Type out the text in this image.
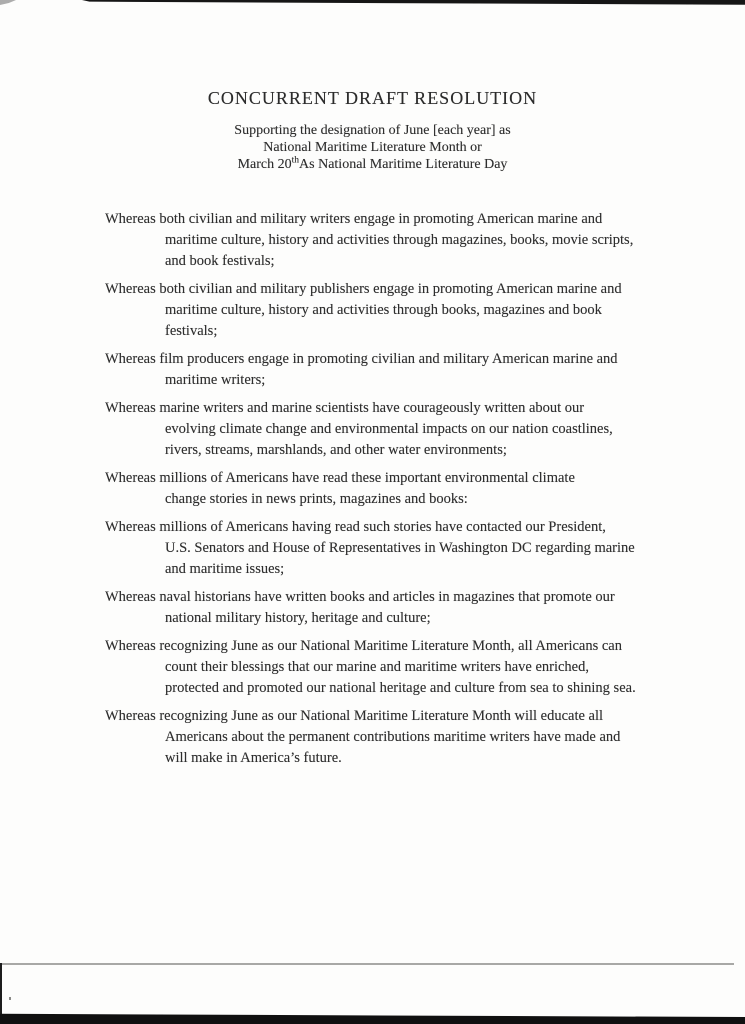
CONCURRENT DRAFT RESOLUTION
Supporting the designation of June [each year] as
National Maritime Literature Month or
March 20thAs National Maritime Literature Day
Whereas both civilian and military writers engage in promoting American marine and
maritime culture, history and activities through magazines, books, movie scripts,
and book festivals;
Whereas both civilian and military publishers engage in promoting American marine and
maritime culture, history and activities through books, magazines and book
festivals;
Whereas film producers engage in promoting civilian and military American marine and
maritime writers;
Whereas marine writers and marine scientists have courageously written about our
evolving climate change and environmental impacts on our nation coastlines,
rivers, streams, marshlands, and other water environments;
Whereas millions of Americans have read these important environmental climate
change stories in news prints, magazines and books:
Whereas millions of Americans having read such stories have contacted our President,
U.S. Senators and House of Representatives in Washington DC regarding marine
and maritime issues;
Whereas naval historians have written books and articles in magazines that promote our
national military history, heritage and culture;
Whereas recognizing June as our National Maritime Literature Month, all Americans can
count their blessings that our marine and maritime writers have enriched,
protected and promoted our national heritage and culture from sea to shining sea.
Whereas recognizing June as our National Maritime Literature Month will educate all
Americans about the permanent contributions maritime writers have made and
will make in America’s future.
